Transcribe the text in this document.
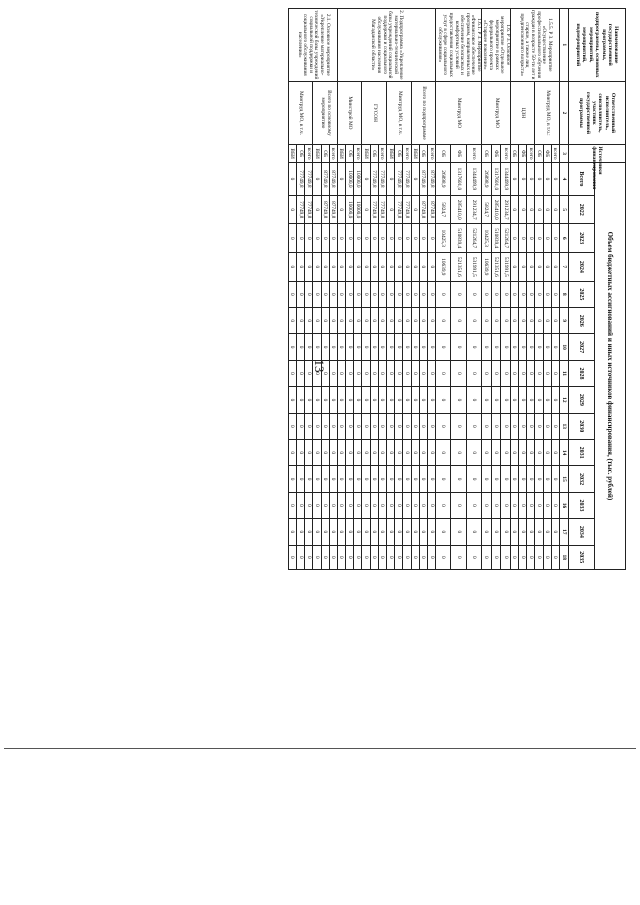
13
Наименование государственной программы, подпрограммы, основных мероприятий, мероприятий, подмероприятий	Ответственный исполнитель, соисполнитель, участник государственной программы	Источники финансирования	Объем бюджетных ассигнований и иных источников финансирования, (тыс. рублей)														
			Всего	2022	2023	2024	2025	2026	2027	2028	2029	2030	2031	2032	2033	2034	2035
1	2	3	4	5	6	7	8	9	10	11	12	13	14	15	16	17	18
1.5.5. Р 3. Мероприятие «Осуществление профессионального обучения граждан в возрасте 50-ти лет и старше, а также лиц предпенсионного возраста»	Минтруд МО, в т.ч.:	всего	0	0	0	0	0	0	0	0	0	0	0	0	0	0	0
		ФБ	0	0	0	0	0	0	0	0	0	0	0	0	0	0	0
		ОБ	0	0	0	0	0	0	0	0	0	0	0	0	0	0	0
	ЦЗН	всего	0	0	0	0	0	0	0	0	0	0	0	0	0	0	0
		ФБ	0	0	0	0	0	0	0	0	0	0	0	0	0	0	0
		ОБ	0	0	0	0	0	0	0	0	0	0	0	0	0	0	0
1.6. Р 3. Основное мероприятие «Отдельное мероприятие в рамках федерального проекта «Старшее поколение»	Минтруд МО	всего	1344499,9	291234,7	521264,7	531991,5	0	0	0	0	0	0	0	0	0	0	0
		ФБ	1317601,0	285410,0	510839,4	521351,6	0	0	0	0	0	0	0	0	0	0	0
		ОБ	26898,9	5824,7	10425,3	10639,9	0	0	0	0	0	0	0	0	0	0	0
1.6.1. Р 3. Мероприятие «Финансовое обеспечение программ, направленных на обеспечение безопасных и комфортных условий предоставления социальных услуг в сфере социального обслуживания»	Минтруд МО	всего	1344499,9	291234,7	521264,7	531991,5	0	0	0	0	0	0	0	0	0	0	0
		ФБ	1317601,0	285410,0	510839,4	521351,6	0	0	0	0	0	0	0	0	0	0	0
		ОБ	26898,9	5824,7	10425,3	10639,9	0	0	0	0	0	0	0	0	0	0	0
2. Подпрограмма «Укрепление материально-технической базы учреждений социальной поддержки и социального обслуживания населения Магаданской области»	Всего по подпрограмме	всего	87749,8	87749,8	0	0	0	0	0	0	0	0	0	0	0	0	0
		ОБ	87749,8	87749,8	0	0	0	0	0	0	0	0	0	0	0	0	0
		ВБИ	0	0	0	0	0	0	0	0	0	0	0	0	0	0	0
	Минтруд МО, в т.ч.	всего	77749,8	77749,8	0	0	0	0	0	0	0	0	0	0	0	0	0
		ОБ	77749,8	77749,8	0	0	0	0	0	0	0	0	0	0	0	0	0
		ВБИ	0	0	0	0	0	0	0	0	0	0	0	0	0	0	0
	ГУСОН	всего	77749,8	77749,8	0	0	0	0	0	0	0	0	0	0	0	0	0
		ОБ	77749,8	77749,8	0	0	0	0	0	0	0	0	0	0	0	0	0
		ВБИ	0	0	0	0	0	0	0	0	0	0	0	0	0	0	0
	Минстрой МО	всего	10000,0	10000,0	0	0	0	0	0	0	0	0	0	0	0	0	0
		ОБ	10000,0	10000,0	0	0	0	0	0	0	0	0	0	0	0	0	0
		ВБИ	0	0	0	0	0	0	0	0	0	0	0	0	0	0	0
2.1. Основное мероприятие «Укрепление материально-технической базы учреждений социальной поддержки и социального обслуживания населения»	Всего по основному мероприятию	всего	87749,8	87749,8	0	0	0	0	0	0	0	0	0	0	0	0	0
		ОБ	87749,8	87749,8	0	0	0	0	0	0	0	0	0	0	0	0	0
		ВБИ	0	0	0	0	0	0	0	0	0	0	0	0	0	0	0
	Минтруд МО, в т.ч.	всего	77749,8	77749,8	0	0	0	0	0	0	0	0	0	0	0	0	0
		ОБ	77749,8	77749,8	0	0	0	0	0	0	0	0	0	0	0	0	0
		ВБИ	0	0	0	0	0	0	0	0	0	0	0	0	0	0	0
